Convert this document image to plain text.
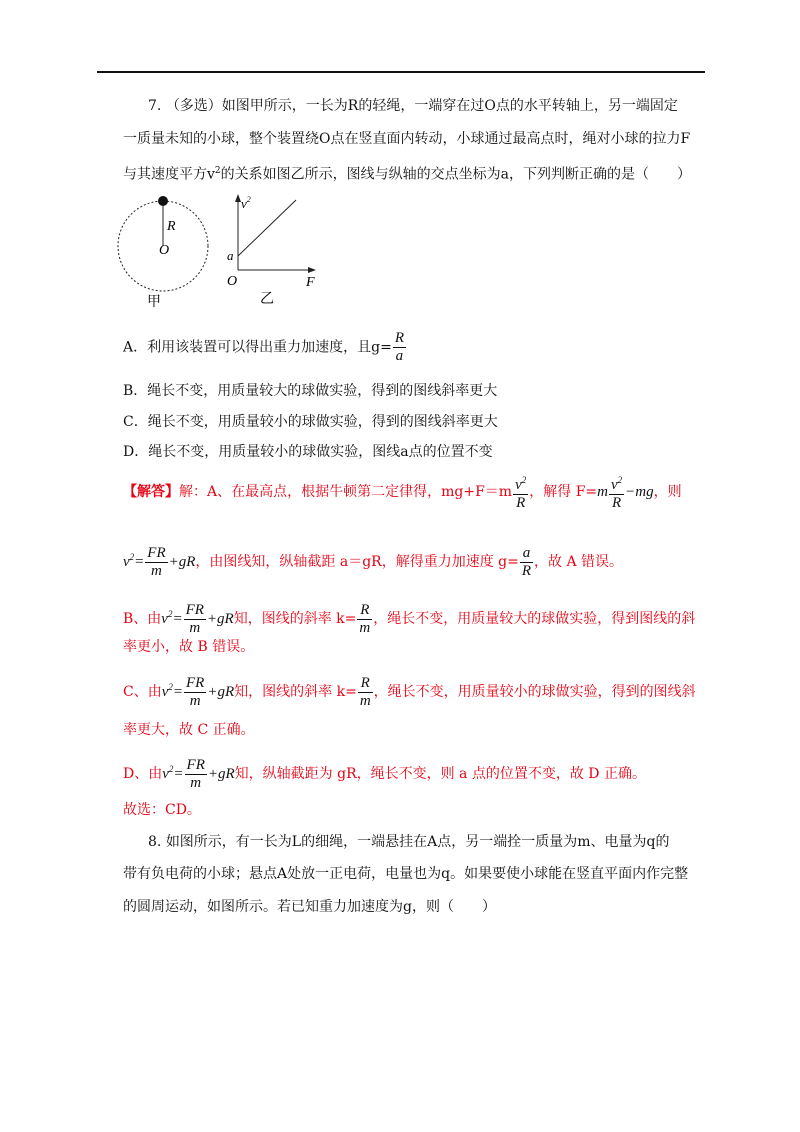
7. （多选）如图甲所示，一长为R的轻绳，一端穿在过O点的水平转轴上，另一端固定
一质量未知的小球，整个装置绕O点在竖直面内转动，小球通过最高点时，绳对小球的拉力F
与其速度平方$v^2$的关系如图乙所示，图线与纵轴的交点坐标为a，下列判断正确的是（　　）
R
O
甲
$v^2$
a
O	F
乙
A．利用该装置可以得出重力加速度，且$g= \frac{R}{a}$
B．绳长不变，用质量较大的球做实验，得到的图线斜率更大
C．绳长不变，用质量较小的球做实验，得到的图线斜率更大
D．绳长不变，用质量较小的球做实验，图线a点的位置不变
【解答】解：A、在最高点，根据牛顿第二定律得，$mg+F=m \frac{v^2}{R}$ ，解得 $F=m \frac{v^2}{R} -mg$，则
$v^2= \frac{FR}{m} +gR$，由图线知，纵轴截距 a＝gR，解得重力加速度 $g= \frac{a}{R}$ ，故 A 错误。
B、由$v^2= \frac{FR}{m} +gR$知，图线的斜率 $k= \frac{R}{m}$ ，绳长不变，用质量较大的球做实验，得到图线的斜
率更小，故 B 错误。
C、由$v^2= \frac{FR}{m} +gR$知，图线的斜率 $k= \frac{R}{m}$ ，绳长不变，用质量较小的球做实验，得到的图线斜
率更大，故 C 正确。
D、由$v^2= \frac{FR}{m} +gR$知，纵轴截距为 gR，绳长不变，则 a 点的位置不变，故 D 正确。
故选：CD。
8. 如图所示，有一长为L的细绳，一端悬挂在A点，另一端拴一质量为m、电量为q的
带有负电荷的小球；悬点A处放一正电荷，电量也为q。如果要使小球能在竖直平面内作完整
的圆周运动，如图所示。若已知重力加速度为g，则（　　）
